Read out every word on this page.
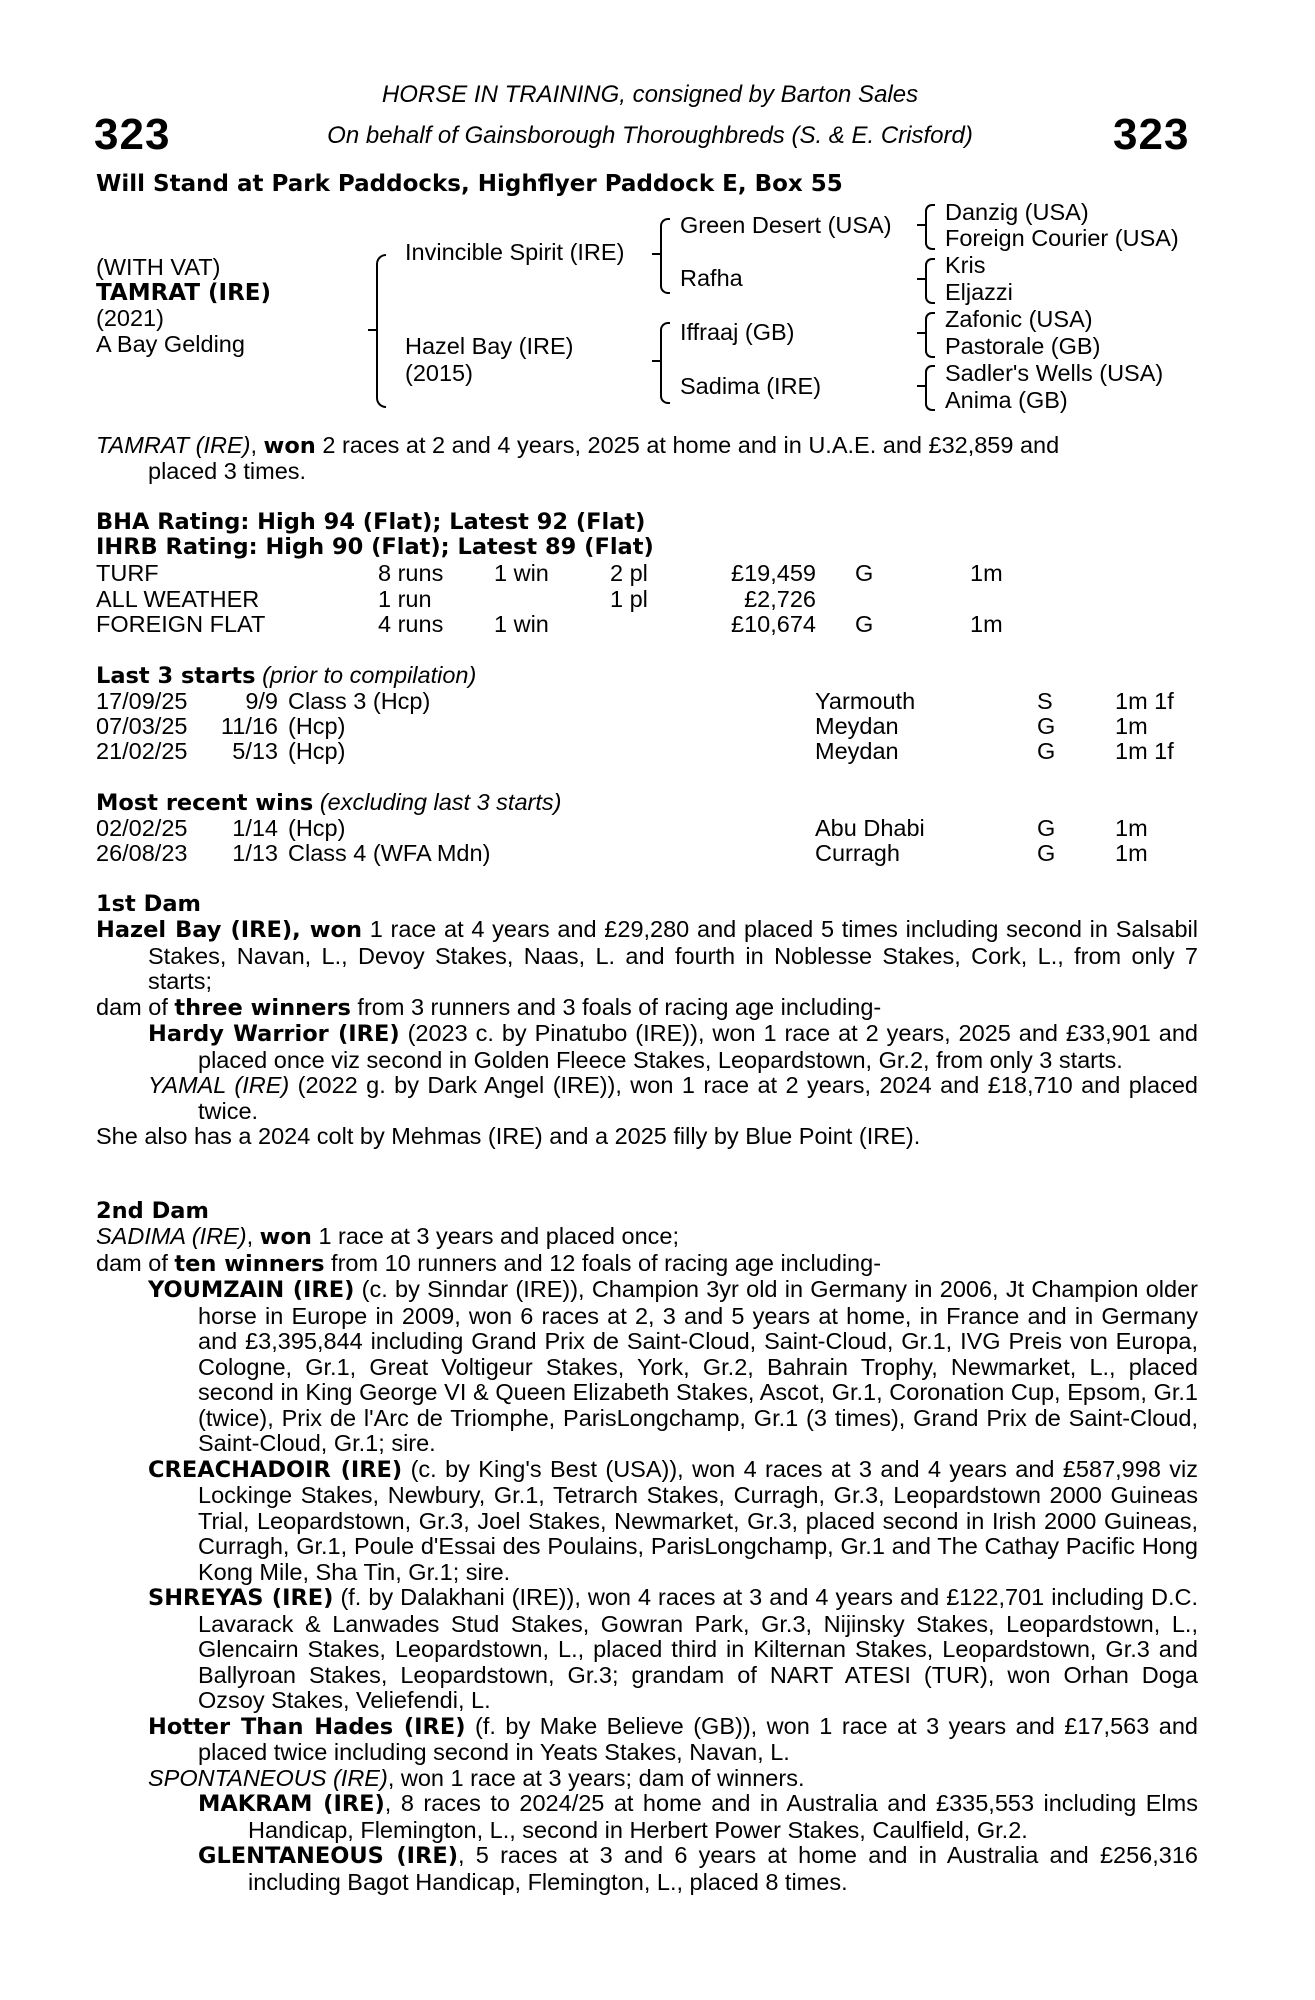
323	323
HORSE IN TRAINING, consigned by Barton Sales
On behalf of Gainsborough Thoroughbreds (S. & E. Crisford)
Will Stand at Park Paddocks, Highflyer Paddock E, Box 55
(WITH VAT)
TAMRAT (IRE)
(2021)
A Bay Gelding
Invincible Spirit (IRE)
Hazel Bay (IRE)
(2015)
Green Desert (USA)
Rafha
Iffraaj (GB)
Sadima (IRE)
Danzig (USA)
Foreign Courier (USA)
Kris
Eljazzi
Zafonic (USA)
Pastorale (GB)
Sadler's Wells (USA)
Anima (GB)
TAMRAT (IRE), won 2 races at 2 and 4 years, 2025 at home and in U.A.E. and £32,859 and
placed 3 times.
BHA Rating: High 94 (Flat); Latest 92 (Flat)
IHRB Rating: High 90 (Flat); Latest 89 (Flat)
TURF	8 runs 1 win	2 pl	£19,459 G	1m
ALL WEATHER	1 run	1 pl	£2,726
FOREIGN FLAT	4 runs 1 win	£10,674 G	1m
Last 3 starts (prior to compilation)
17/09/25	9/9 Class 3 (Hcp)	Yarmouth	S	1m 1f
07/03/25	11/16 (Hcp)	Meydan	G	1m
21/02/25	5/13 (Hcp)	Meydan	G	1m 1f
Most recent wins (excluding last 3 starts)
02/02/25	1/14 (Hcp)	Abu Dhabi	G	1m
26/08/23	1/13 Class 4 (WFA Mdn)	Curragh	G	1m
1st Dam
Hazel Bay (IRE), won 1 race at 4 years and £29,280 and placed 5 times including second in Salsabil Stakes, Navan, L., Devoy Stakes, Naas, L. and fourth in Noblesse Stakes, Cork, L., from only 7 starts;
dam of three winners from 3 runners and 3 foals of racing age including-
Hardy Warrior (IRE) (2023 c. by Pinatubo (IRE)), won 1 race at 2 years, 2025 and £33,901 and placed once viz second in Golden Fleece Stakes, Leopardstown, Gr.2, from only 3 starts.
YAMAL (IRE) (2022 g. by Dark Angel (IRE)), won 1 race at 2 years, 2024 and £18,710 and placed twice.
She also has a 2024 colt by Mehmas (IRE) and a 2025 filly by Blue Point (IRE).
2nd Dam
SADIMA (IRE), won 1 race at 3 years and placed once;
dam of ten winners from 10 runners and 12 foals of racing age including-
YOUMZAIN (IRE) (c. by Sinndar (IRE)), Champion 3yr old in Germany in 2006, Jt Champion older horse in Europe in 2009, won 6 races at 2, 3 and 5 years at home, in France and in Germany and £3,395,844 including Grand Prix de Saint-Cloud, Saint-Cloud, Gr.1, IVG Preis von Europa, Cologne, Gr.1, Great Voltigeur Stakes, York, Gr.2, Bahrain Trophy, Newmarket, L., placed second in King George VI & Queen Elizabeth Stakes, Ascot, Gr.1, Coronation Cup, Epsom, Gr.1 (twice), Prix de l'Arc de Triomphe, ParisLongchamp, Gr.1 (3 times), Grand Prix de Saint-Cloud, Saint-Cloud, Gr.1; sire.
CREACHADOIR (IRE) (c. by King's Best (USA)), won 4 races at 3 and 4 years and £587,998 viz Lockinge Stakes, Newbury, Gr.1, Tetrarch Stakes, Curragh, Gr.3, Leopardstown 2000 Guineas Trial, Leopardstown, Gr.3, Joel Stakes, Newmarket, Gr.3, placed second in Irish 2000 Guineas, Curragh, Gr.1, Poule d'Essai des Poulains, ParisLongchamp, Gr.1 and The Cathay Pacific Hong Kong Mile, Sha Tin, Gr.1; sire.
SHREYAS (IRE) (f. by Dalakhani (IRE)), won 4 races at 3 and 4 years and £122,701 including D.C. Lavarack & Lanwades Stud Stakes, Gowran Park, Gr.3, Nijinsky Stakes, Leopardstown, L., Glencairn Stakes, Leopardstown, L., placed third in Kilternan Stakes, Leopardstown, Gr.3 and Ballyroan Stakes, Leopardstown, Gr.3; grandam of NART ATESI (TUR), won Orhan Doga Ozsoy Stakes, Veliefendi, L.
Hotter Than Hades (IRE) (f. by Make Believe (GB)), won 1 race at 3 years and £17,563 and placed twice including second in Yeats Stakes, Navan, L.
SPONTANEOUS (IRE), won 1 race at 3 years; dam of winners.
MAKRAM (IRE), 8 races to 2024/25 at home and in Australia and £335,553 including Elms Handicap, Flemington, L., second in Herbert Power Stakes, Caulfield, Gr.2.
GLENTANEOUS (IRE), 5 races at 3 and 6 years at home and in Australia and £256,316 including Bagot Handicap, Flemington, L., placed 8 times.
